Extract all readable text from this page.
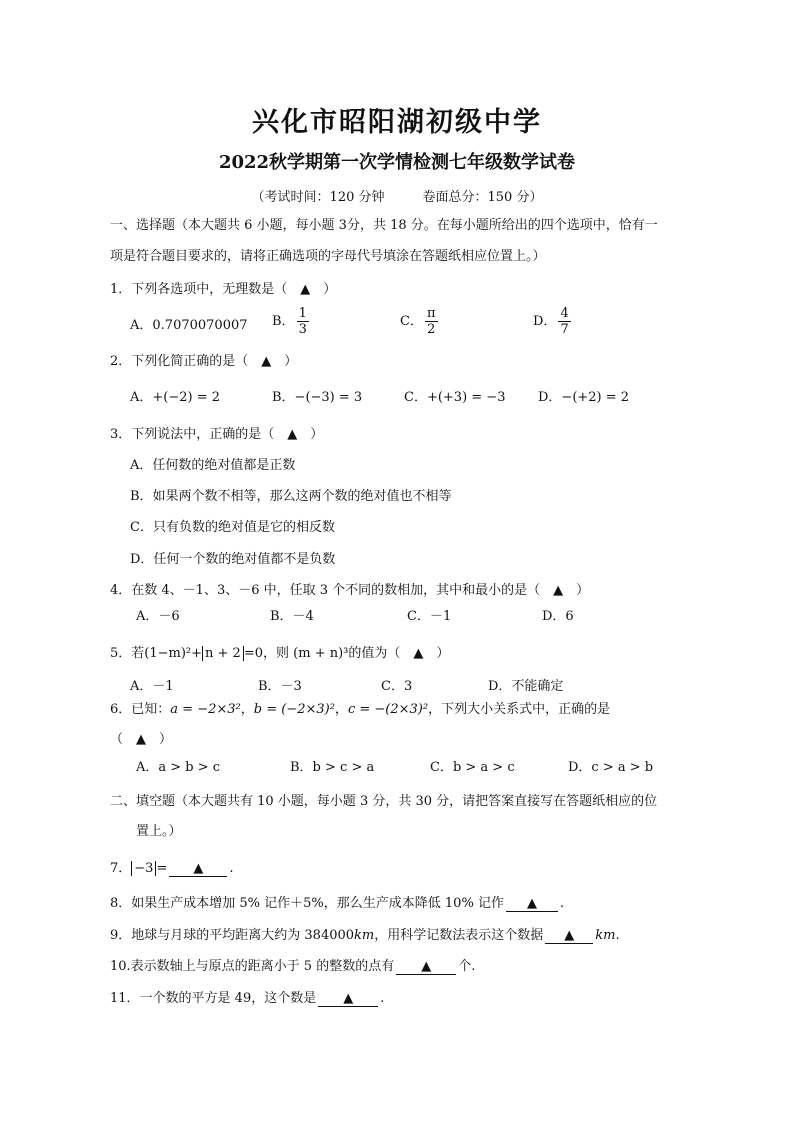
兴化市昭阳湖初级中学
2022秋学期第一次学情检测七年级数学试卷
（考试时间：120 分钟	卷面总分：150 分）
一、选择题（本大题共 6 小题，每小题 3分，共 18 分。在每小题所给出的四个选项中，恰有一
项是符合题目要求的，请将正确选项的字母代号填涂在答题纸相应位置上。）
1．下列各选项中，无理数是（　▲　）
A．0.7070070007 B． $\frac{1}{3}$	C． $\frac{\pi}{2}$	D． $\frac{4}{7}$
2．下列化简正确的是（　▲　）
A．+(−2) = 2	B．−(−3) = 3	C．+(+3) = −3	D．−(+2) = 2
3．下列说法中，正确的是（　▲　）
A．任何数的绝对值都是正数
B．如果两个数不相等，那么这两个数的绝对值也不相等
C．只有负数的绝对值是它的相反数
D．任何一个数的绝对值都不是负数
4．在数 4、－1、3、－6 中，任取 3 个不同的数相加，其中和最小的是（　▲　）
A．－6	B．－4	C．－1	D．6
5．若(1−m)²+ n + 2 =0，则 (m + n)³的值为（　▲　）
A．－1	B．－3	C．3	D．不能确定
6．已知：a = −2×3²，b = (−2×3)²，c = −(2×3)²，下列大小关系式中，正确的是
（　▲　）
A．a > b > c	B．b > c > a	C．b > a > c	D．c > a > b
二、填空题（本大题共有 10 小题，每小题 3 分，共 30 分，请把答案直接写在答题纸相应的位
置上。）
7． −3 = ▲ .
8．如果生产成本增加 5% 记作＋5%，那么生产成本降低 10% 记作 ▲ .
9．地球与月球的平均距离大约为 384000km，用科学记数法表示这个数据 ▲ km.
10.表示数轴上与原点的距离小于 5 的整数的点有 ▲ 个.
11．一个数的平方是 49，这个数是 ▲ .
